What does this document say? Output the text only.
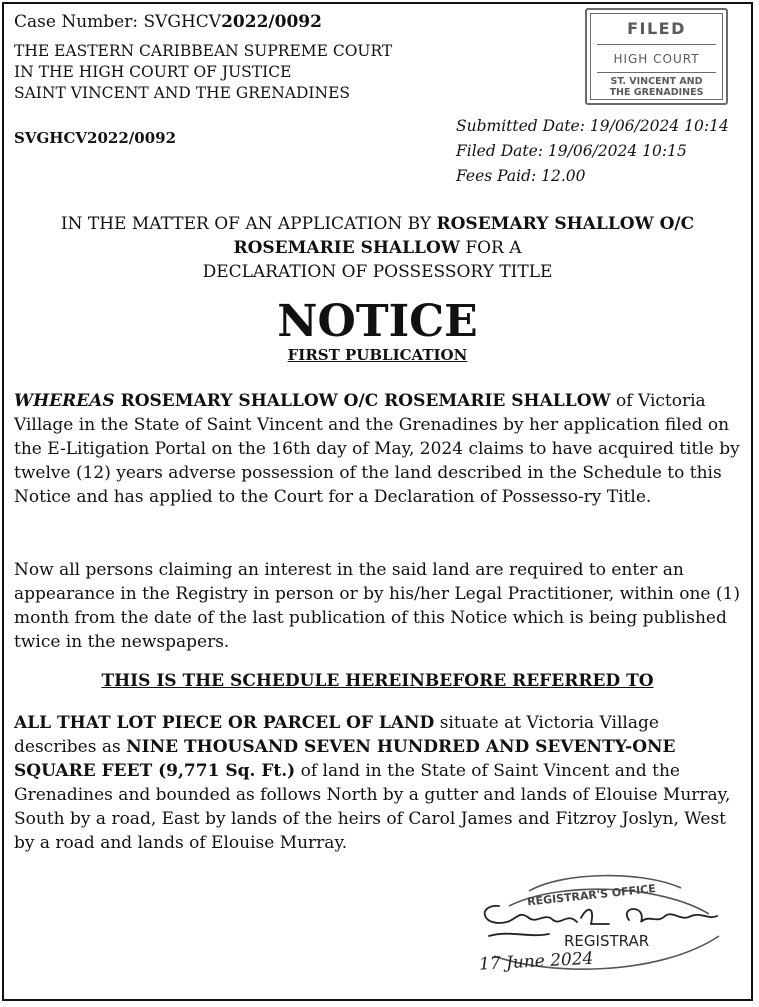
Case Number: SVGHCV2022/0092
THE EASTERN CARIBBEAN SUPREME COURT
IN THE HIGH COURT OF JUSTICE
SAINT VINCENT AND THE GRENADINES
SVGHCV2022/0092
Submitted Date: 19/06/2024 10:14
Filed Date: 19/06/2024 10:15
Fees Paid: 12.00
FILED
HIGH COURT
ST. VINCENT AND
THE GRENADINES
IN THE MATTER OF AN APPLICATION BY ROSEMARY SHALLOW O/C
ROSEMARIE SHALLOW FOR A
DECLARATION OF POSSESSORY TITLE
NOTICE
FIRST PUBLICATION
WHEREAS ROSEMARY SHALLOW O/C ROSEMARIE SHALLOW of Victoria Village in the State of Saint Vincent and the Grenadines by her application filed on the E-Litigation Portal on the 16th day of May, 2024 claims to have acquired title by twelve (12) years adverse possession of the land described in the Schedule to this Notice and has applied to the Court for a Declaration of Possesso-ry Title.
Now all persons claiming an interest in the said land are required to enter an appearance in the Registry in person or by his/her Legal Practitioner, within one (1) month from the date of the last publication of this Notice which is being published twice in the newspapers.
THIS IS THE SCHEDULE HEREINBEFORE REFERRED TO
ALL THAT LOT PIECE OR PARCEL OF LAND situate at Victoria Village describes as NINE THOUSAND SEVEN HUNDRED AND SEVENTY-ONE SQUARE FEET (9,771 Sq. Ft.) of land in the State of Saint Vincent and the Grenadines and bounded as follows North by a gutter and lands of Elouise Murray, South by a road, East by lands of the heirs of Carol James and Fitzroy Joslyn, West by a road and lands of Elouise Murray.
REGISTRAR'S OFFICE
REGISTRAR
17 June 2024
